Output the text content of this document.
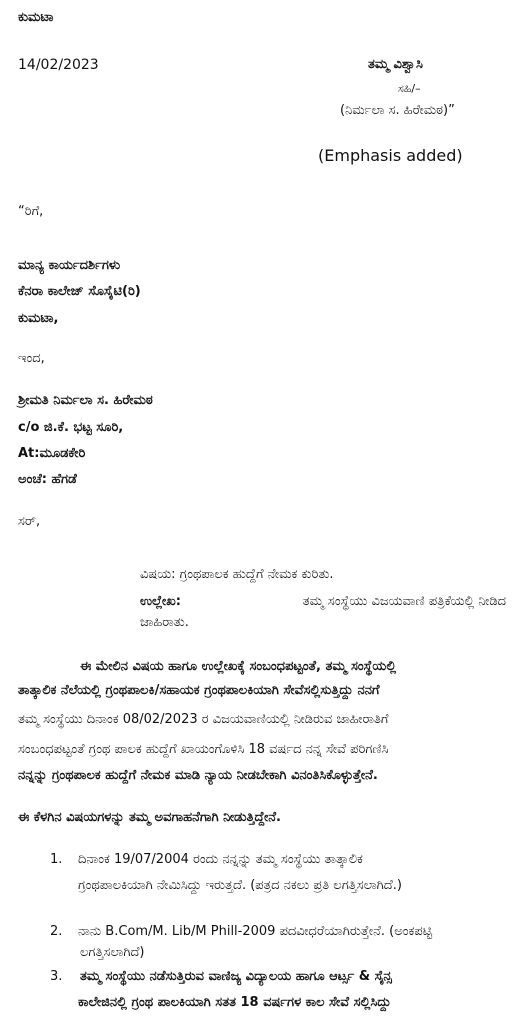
ಕುಮಟಾ
14/02/2023	ತಮ್ಮ ವಿಶ್ವಾಸಿ
ಸಹಿ/–
(ನಿರ್ಮಲಾ ಸ. ಹಿರೇಮಠ)”
(Emphasis added)
“ರಿಗೆ,
ಮಾನ್ಯ ಕಾರ್ಯದರ್ಶಿಗಳು
ಕೆನರಾ ಕಾಲೇಜ್ ಸೊಸೈಟಿ(ರಿ)
ಕುಮಟಾ,
ಇಂದ,
ಶ್ರೀಮತಿ ನಿರ್ಮಲಾ ಸ. ಹಿರೇಮಠ
c/o ಜಿ.ಕೆ. ಭಟ್ಟ ಸೂರಿ,
At:ಮೂಡಕೇರಿ
ಅಂಚೆ: ಹೆಗಡೆ
ಸರ್,
ವಿಷಯ: ಗ್ರಂಥಪಾಲಕ ಹುದ್ದೆಗೆ ನೇಮಕ ಕುರಿತು.
ಉಲ್ಲೇಖ:	ತಮ್ಮ ಸಂಸ್ಥೆಯು ವಿಜಯವಾಣಿ ಪತ್ರಿಕೆಯಲ್ಲಿ ನೀಡಿದ
ಜಾಹಿರಾತು.
ಈ ಮೇಲಿನ ವಿಷಯ ಹಾಗೂ ಉಲ್ಲೇಖಕ್ಕೆ ಸಂಬಂಧಪಟ್ಟಂತೆ, ತಮ್ಮ ಸಂಸ್ಥೆಯಲ್ಲಿ
ತಾತ್ಕಾಲಿಕ ನೆಲೆಯಲ್ಲಿ ಗ್ರಂಥಪಾಲಕಿ/ಸಹಾಯಕ ಗ್ರಂಥಪಾಲಕಿಯಾಗಿ ಸೇವೆಸಲ್ಲಿಸುತ್ತಿದ್ದು ನನಗೆ
ತಮ್ಮ ಸಂಸ್ಥೆಯು ದಿನಾಂಕ 08/02/2023 ರ ವಿಜಯವಾಣಿಯಲ್ಲಿ ನೀಡಿರುವ ಜಾಹೀರಾತಿಗೆ
ಸಂಬಂಧಪಟ್ಟಂತೆ ಗ್ರಂಥ ಪಾಲಕ ಹುದ್ದೆಗೆ ಖಾಯಂಗೊಳಿಸಿ 18 ವರ್ಷದ ನನ್ನ ಸೇವೆ ಪರಿಗಣಿಸಿ
ನನ್ನನ್ನು ಗ್ರಂಥಪಾಲಕ ಹುದ್ದೆಗೆ ನೇಮಕ ಮಾಡಿ ನ್ಯಾಯ ನೀಡಬೇಕಾಗಿ ವಿನಂತಿಸಿಕೊಳ್ಳುತ್ತೇನೆ.
ಈ ಕೆಳಗಿನ ವಿಷಯಗಳನ್ನು ತಮ್ಮ ಅವಗಾಹನೆಗಾಗಿ ನೀಡುತ್ತಿದ್ದೇನೆ.
1. ದಿನಾಂಕ 19/07/2004 ರಂದು ನನ್ನನ್ನು ತಮ್ಮ ಸಂಸ್ಥೆಯು ತಾತ್ಕಾಲಿಕ
ಗ್ರಂಥಪಾಲಕಿಯಾಗಿ ನೇಮಿಸಿದ್ದು ಇರುತ್ತದೆ. (ಪತ್ರದ ನಕಲು ಪ್ರತಿ ಲಗತ್ತಿಸಲಾಗಿದೆ.)
2. ನಾನು B.Com/M. Lib/M Phill-2009 ಪದವೀಧರೆಯಾಗಿರುತ್ತೇನೆ. (ಅಂಕಪಟ್ಟಿ
ಲಗತ್ತಿಸಲಾಗಿದೆ)
3. ತಮ್ಮ ಸಂಸ್ಥೆಯು ನಡೆಸುತ್ತಿರುವ ವಾಣಿಜ್ಯ ವಿದ್ಯಾಲಯ ಹಾಗೂ ಆರ್ಟ್ಸ & ಸೈನ್ಸ
ಕಾಲೇಜಿನಲ್ಲಿ ಗ್ರಂಥ ಪಾಲಕಿಯಾಗಿ ಸತತ 18 ವರ್ಷಗಳ ಕಾಲ ಸೇವೆ ಸಲ್ಲಿಸಿದ್ದು
